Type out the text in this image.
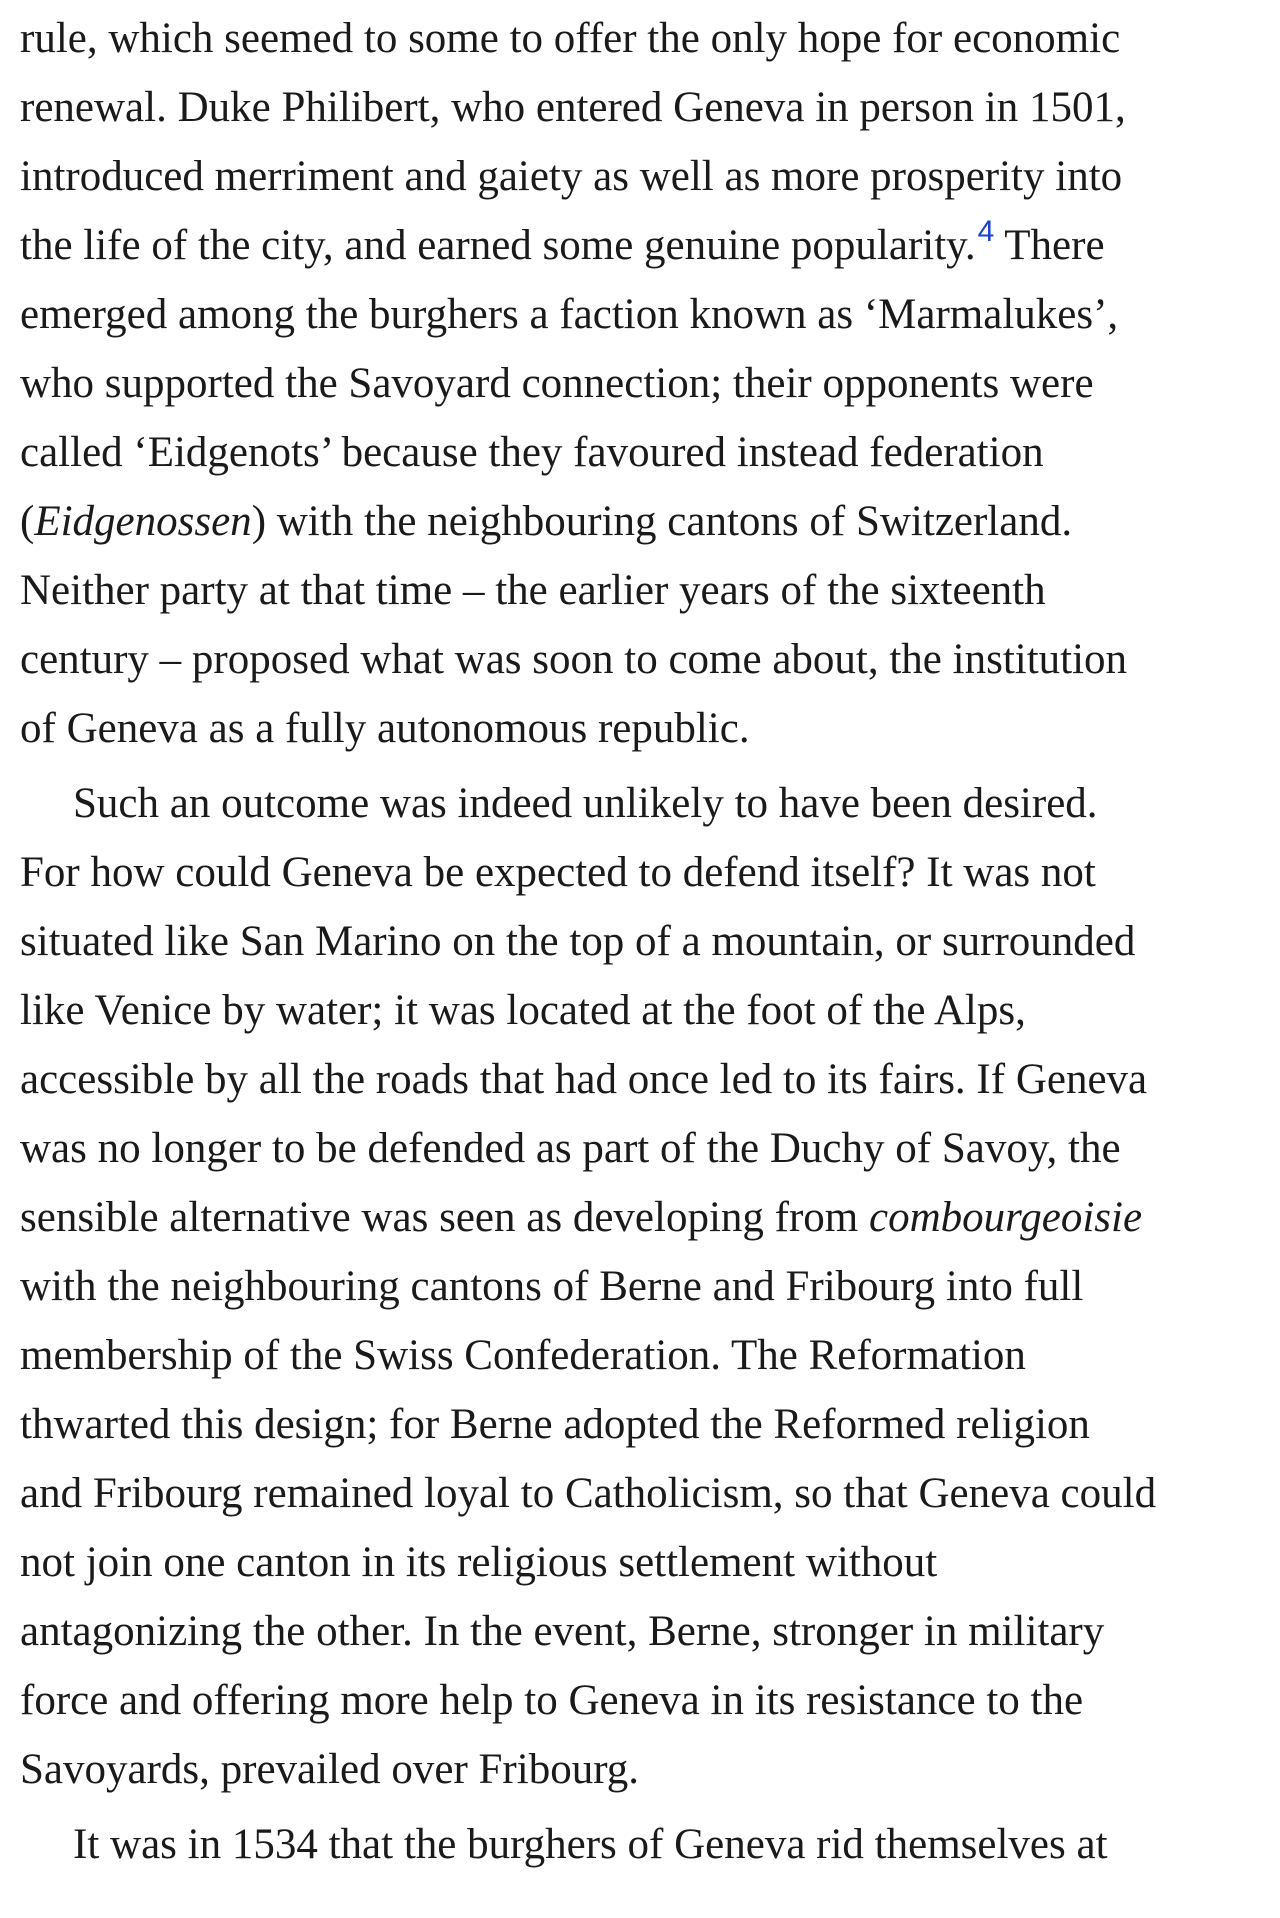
rule, which seemed to some to offer the only hope for economic
renewal. Duke Philibert, who entered Geneva in person in 1501,
introduced merriment and gaiety as well as more prosperity into
the life of the city, and earned some genuine popularity.$^4$ There
emerged among the burghers a faction known as ‘Marmalukes’,
who supported the Savoyard connection; their opponents were
called ‘Eidgenots’ because they favoured instead federation
(Eidgenossen) with the neighbouring cantons of Switzerland.
Neither party at that time – the earlier years of the sixteenth
century – proposed what was soon to come about, the institution
of Geneva as a fully autonomous republic.

Such an outcome was indeed unlikely to have been desired.
For how could Geneva be expected to defend itself? It was not
situated like San Marino on the top of a mountain, or surrounded
like Venice by water; it was located at the foot of the Alps,
accessible by all the roads that had once led to its fairs. If Geneva
was no longer to be defended as part of the Duchy of Savoy, the
sensible alternative was seen as developing from combourgeoisie
with the neighbouring cantons of Berne and Fribourg into full
membership of the Swiss Confederation. The Reformation
thwarted this design; for Berne adopted the Reformed religion
and Fribourg remained loyal to Catholicism, so that Geneva could
not join one canton in its religious settlement without
antagonizing the other. In the event, Berne, stronger in military
force and offering more help to Geneva in its resistance to the
Savoyards, prevailed over Fribourg.

It was in 1534 that the burghers of Geneva rid themselves at
